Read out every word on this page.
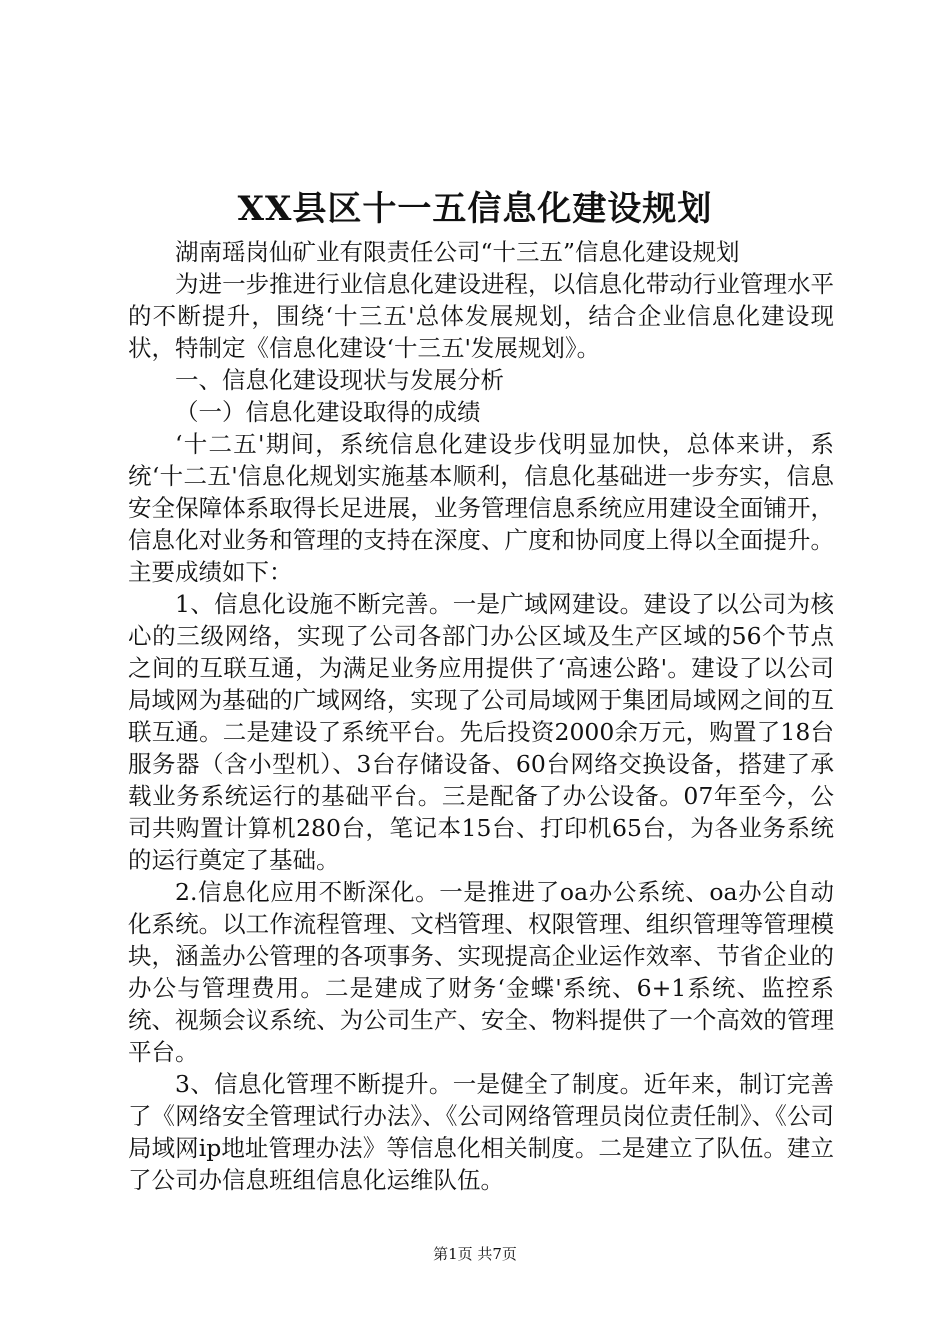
XX县区十一五信息化建设规划

湖南瑶岗仙矿业有限责任公司“十三五”信息化建设规划

为进一步推进行业信息化建设进程，以信息化带动行业管理水平的不断提升，围绕‘十三五'总体发展规划，结合企业信息化建设现状，特制定《信息化建设‘十三五'发展规划》。

一、信息化建设现状与发展分析

（一）信息化建设取得的成绩

‘十二五'期间，系统信息化建设步伐明显加快，总体来讲，系统‘十二五'信息化规划实施基本顺利，信息化基础进一步夯实，信息安全保障体系取得长足进展，业务管理信息系统应用建设全面铺开，信息化对业务和管理的支持在深度、广度和协同度上得以全面提升。主要成绩如下：

1、信息化设施不断完善。一是广域网建设。建设了以公司为核心的三级网络，实现了公司各部门办公区域及生产区域的56个节点之间的互联互通，为满足业务应用提供了‘高速公路'。建设了以公司局域网为基础的广域网络，实现了公司局域网于集团局域网之间的互联互通。二是建设了系统平台。先后投资2000余万元，购置了18台服务器（含小型机）、3台存储设备、60台网络交换设备，搭建了承载业务系统运行的基础平台。三是配备了办公设备。07年至今，公司共购置计算机280台，笔记本15台、打印机65台，为各业务系统的运行奠定了基础。

2.信息化应用不断深化。一是推进了oa办公系统、oa办公自动化系统。以工作流程管理、文档管理、权限管理、组织管理等管理模块，涵盖办公管理的各项事务、实现提高企业运作效率、节省企业的办公与管理费用。二是建成了财务‘金蝶'系统、6+1系统、监控系统、视频会议系统、为公司生产、安全、物料提供了一个高效的管理平台。

3、信息化管理不断提升。一是健全了制度。近年来，制订完善了《网络安全管理试行办法》、《公司网络管理员岗位责任制》、《公司局域网ip地址管理办法》等信息化相关制度。二是建立了队伍。建立了公司办信息班组信息化运维队伍。

第1页 共7页
